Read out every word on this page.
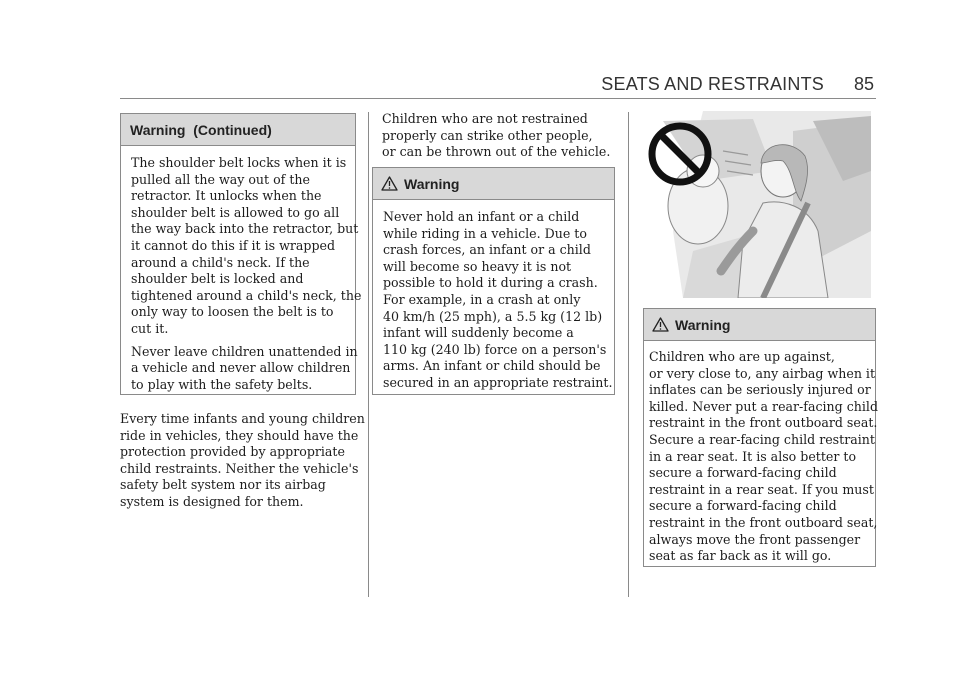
SEATS AND RESTRAINTS 85
Warning  (Continued)
The shoulder belt locks when it is
pulled all the way out of the
retractor. It unlocks when the
shoulder belt is allowed to go all
the way back into the retractor, but
it cannot do this if it is wrapped
around a child's neck. If the
shoulder belt is locked and
tightened around a child's neck, the
only way to loosen the belt is to
cut it.
Never leave children unattended in
a vehicle and never allow children
to play with the safety belts.
Every time infants and young children
ride in vehicles, they should have the
protection provided by appropriate
child restraints. Neither the vehicle's
safety belt system nor its airbag
system is designed for them.
Children who are not restrained
properly can strike other people,
or can be thrown out of the vehicle.
Warning
Never hold an infant or a child
while riding in a vehicle. Due to
crash forces, an infant or a child
will become so heavy it is not
possible to hold it during a crash.
For example, in a crash at only
40 km/h (25 mph), a 5.5 kg (12 lb)
infant will suddenly become a
110 kg (240 lb) force on a person's
arms. An infant or child should be
secured in an appropriate restraint.
Warning
Children who are up against,
or very close to, any airbag when it
inflates can be seriously injured or
killed. Never put a rear-facing child
restraint in the front outboard seat.
Secure a rear-facing child restraint
in a rear seat. It is also better to
secure a forward-facing child
restraint in a rear seat. If you must
secure a forward-facing child
restraint in the front outboard seat,
always move the front passenger
seat as far back as it will go.
